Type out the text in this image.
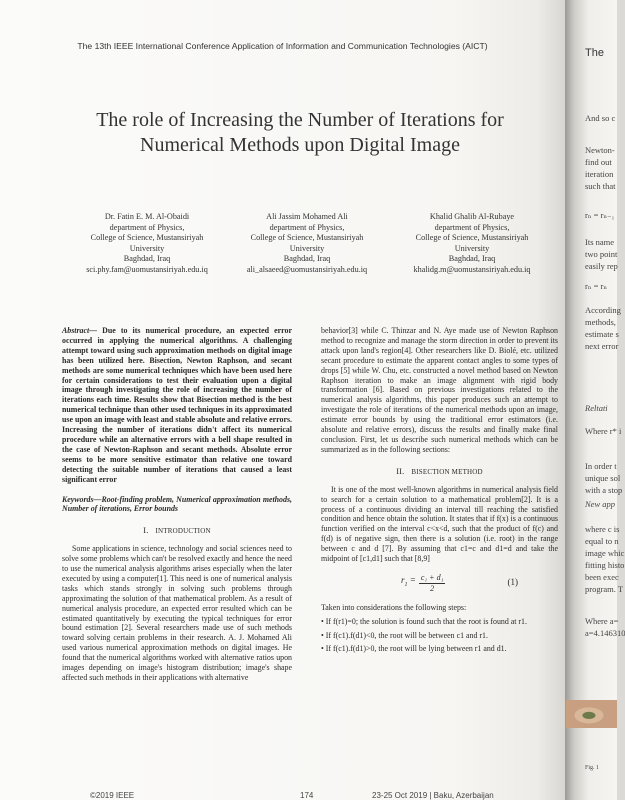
The 13th IEEE International Conference Application of Information and Communication Technologies (AICT)
The role of Increasing the Number of Iterations for
Numerical Methods upon Digital Image
Dr. Fatin E. M. Al-Obaidi
department of Physics,
College of Science, Mustansiriyah
University
Baghdad, Iraq
sci.phy.fam@uomustansiriyah.edu.iq
Ali Jassim Mohamed Ali
department of Physics,
College of Science, Mustansiriyah
University
Baghdad, Iraq
ali_alsaeed@uomustansiriyah.edu.iq
Khalid Ghalib Al-Rubaye
department of Physics,
College of Science, Mustansiriyah
University
Baghdad, Iraq
khalidg.m@uomustansiriyah.edu.iq

Abstract— Due to its numerical procedure, an expected error occurred in applying the numerical algorithms. A challenging attempt toward using such approximation methods on digital image has been utilized here. Bisection, Newton Raphson, and secant methods are some numerical techniques which have been used here for certain considerations to test their evaluation upon a digital image through investigating the role of increasing the number of iterations each time. Results show that Bisection method is the best numerical technique than other used techniques in its approximated use upon an image with least and stable absolute and relative errors. Increasing the number of iterations didn't affect its numerical procedure while an alternative errors with a bell shape resulted in the case of Newton-Raphson and secant methods. Absolute error seems to be more sensitive estimator than relative one toward detecting the suitable number of iterations that caused a least significant error

Keywords—Root-finding problem, Numerical approximation methods, Number of iterations, Error bounds

I. INTRODUCTION

Some applications in science, technology and social sciences need to solve some problems which can't be resolved exactly and hence the need to use the numerical analysis algorithms arises especially when the later executed by using a computer[1]. This need is one of numerical analysis tasks which stands strongly in solving such problems through approximating the solution of that mathematical problem. As a result of numerical analysis procedure, an expected error resulted which can be estimated quantitatively by executing the typical techniques for error bound estimation [2]. Several researchers made use of such methods toward solving certain problems in their research. A. J. Mohamed Ali used various numerical approximation methods on digital images. He found that the numerical algorithms worked with alternative ratios upon images depending on image's histogram distribution; image's shape affected such methods in their applications with alternative

behavior[3] while C. Thinzar and N. Aye made use of Newton Raphson method to recognize and manage the storm direction in order to prevent its attack upon land's region[4]. Other researchers like D. Biolé, etc. utilized secant procedure to estimate the apparent contact angles to some types of drops [5] while W. Chu, etc. constructed a novel method based on Newton Raphson iteration to make an image alignment with rigid body transformation [6]. Based on previous investigations related to the numerical analysis algorithms, this paper produces such an attempt to investigate the role of iterations of the numerical methods upon an image, estimate error bounds by using the traditional error estimators (i.e. absolute and relative errors), discuss the results and finally make final conclusion. First, let us describe such numerical methods which can be summarized as in the following sections:

II. BISECTION METHOD

It is one of the most well-known algorithms in numerical analysis field to search for a certain solution to a mathematical problem[2]. It is a process of a continuous dividing an interval till reaching the satisfied condition and hence obtain the solution. It states that if f(x) is a continuous function verified on the interval c<x<d, such that the product of f(c) and f(d) is of negative sign, then there is a solution (i.e. root) in the range between c and d [7]. By assuming that c1=c and d1=d and take the midpoint of [c1,d1] such that [8,9]

$r_1 = \frac{\text{c₁ + d₁}}{2}$	(1)

Taken into considerations the following steps:

• If f(r1)=0; the solution is found such that the root is found at r1.

• If f(c1).f(d1)<0, the root will be between c1 and r1.

• If f(c1).f(d1)>0, the root will be lying between r1 and d1.

©2019 IEEE	174	23-25 Oct 2019 | Baku, Azerbaijan
The
And so c
Newton-
find out
iteration
such that
rₙ = rₙ₋₁
Its name
two point
easily rep
rₙ = rₙ
According
methods,
estimate s
next error
Reltati
Where r* i
In order t
unique sol
with a stop
New app
where c is
equal to n
image whic
fitting histo
been exec
program. T
Where a=
a=4.146310
Fig. 1
